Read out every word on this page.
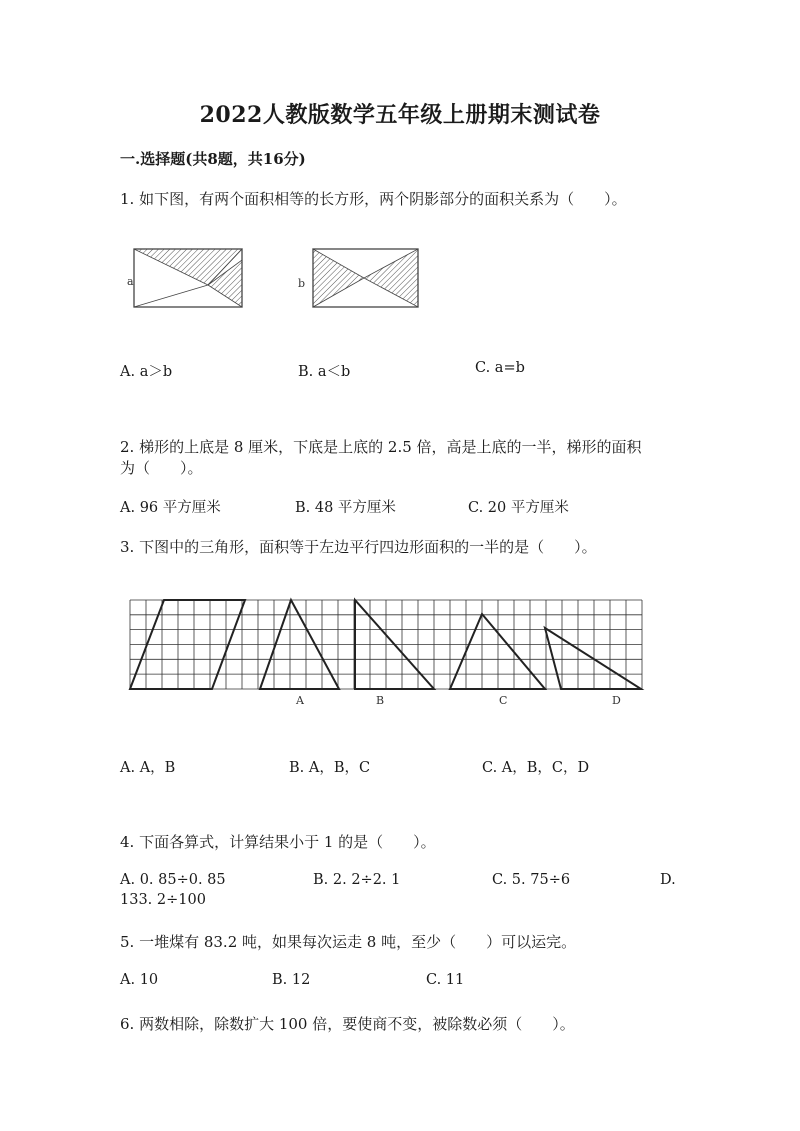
2022人教版数学五年级上册期末测试卷
一.选择题(共8题，共16分)
1. 如下图，有两个面积相等的长方形，两个阴影部分的面积关系为（　　）。
a	b
A	B	C	D
A. a＞b	B. a＜b	C. a=b
2. 梯形的上底是 8 厘米，下底是上底的 2.5 倍，高是上底的一半，梯形的面积
为（　　）。
A. 96 平方厘米	B. 48 平方厘米	C. 20 平方厘米
3. 下图中的三角形，面积等于左边平行四边形面积的一半的是（　　）。
A. A，B	B. A，B，C	C. A，B，C，D
4. 下面各算式，计算结果小于 1 的是（　　）。
A. 0. 85÷0. 85	B. 2. 2÷2. 1	C. 5. 75÷6	D.
133. 2÷100
5. 一堆煤有 83.2 吨，如果每次运走 8 吨，至少（　　）可以运完。
A. 10	B. 12	C. 11
6. 两数相除，除数扩大 100 倍，要使商不变，被除数必须（　　）。
